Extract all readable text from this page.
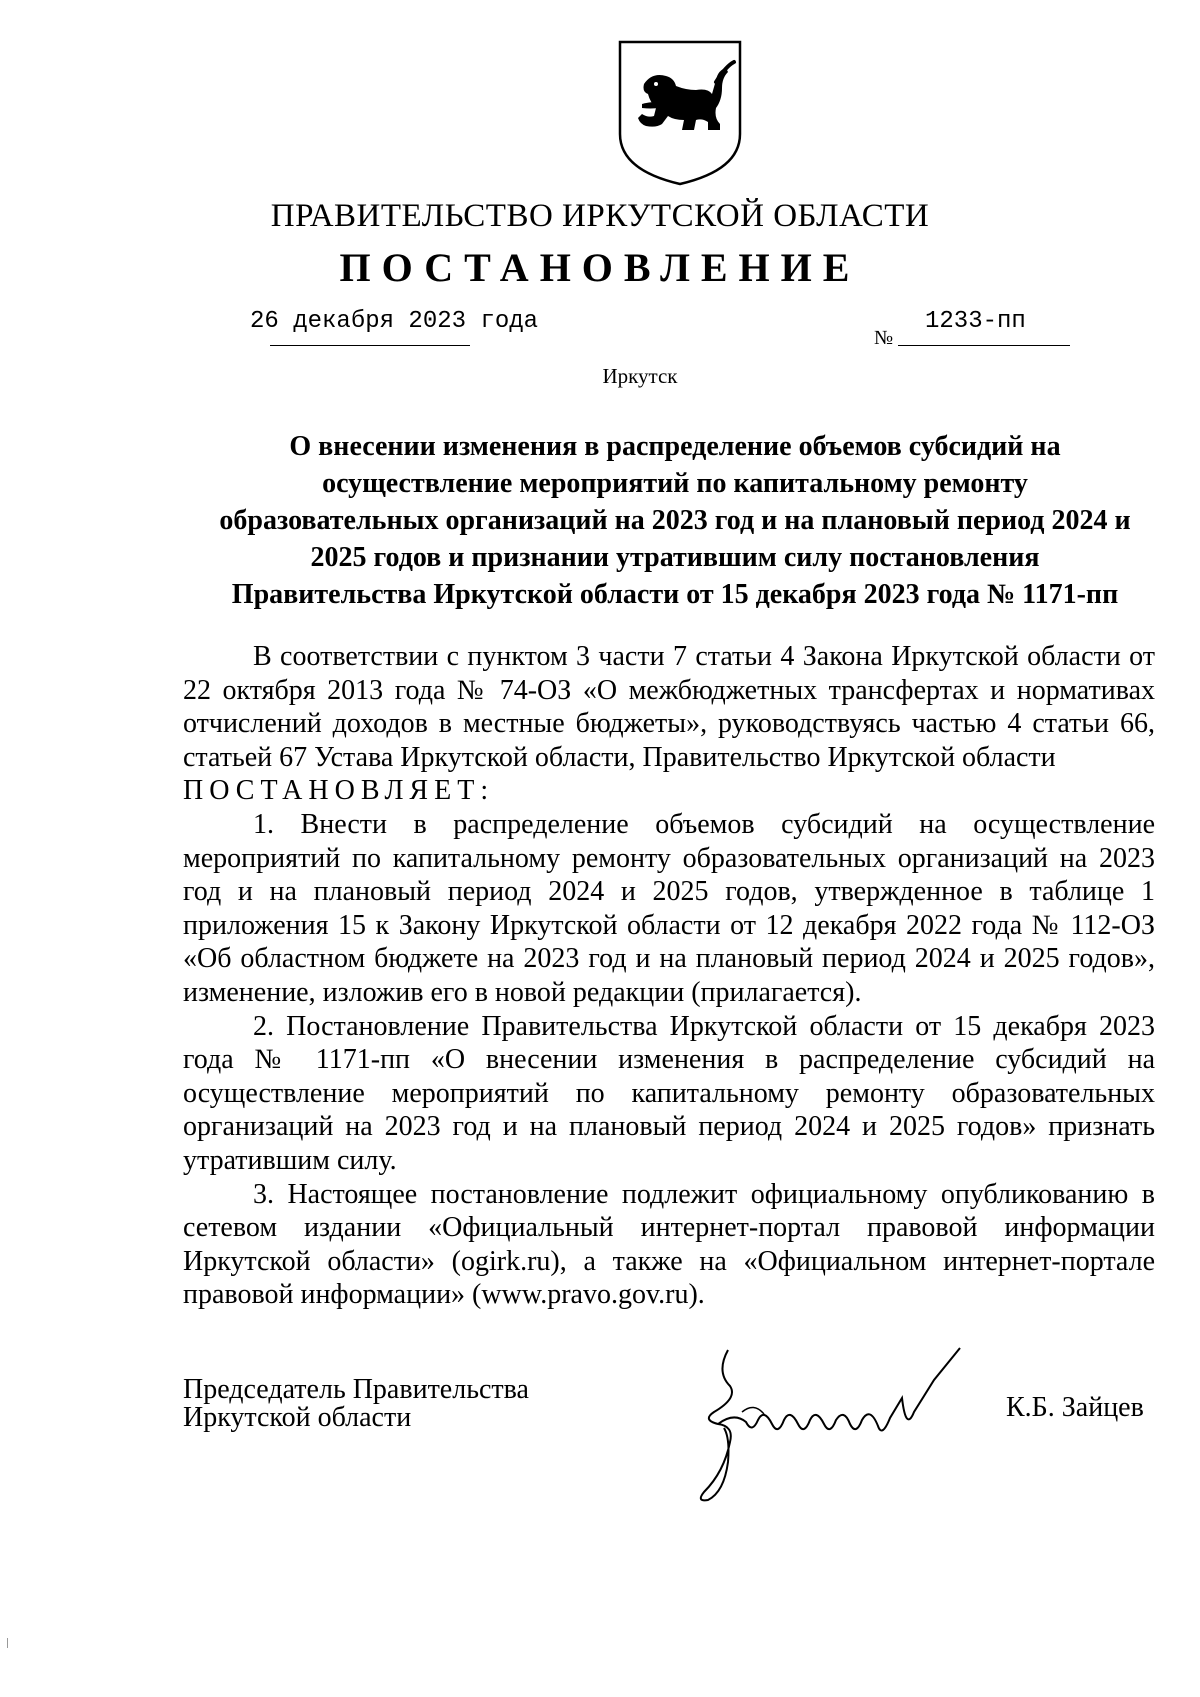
ПРАВИТЕЛЬСТВО ИРКУТСКОЙ ОБЛАСТИ
ПОСТАНОВЛЕНИЕ
26 декабря 2023 года
№
1233-пп
Иркутск
О внесении изменения в распределение объемов субсидий на
осуществление мероприятий по капитальному ремонту
образовательных организаций на 2023 год и на плановый период 2024 и
2025 годов и признании утратившим силу постановления
Правительства Иркутской области от 15 декабря 2023 года № 1171-пп

В соответствии с пунктом 3 части 7 статьи 4 Закона Иркутской области от 22 октября 2013 года № 74-ОЗ «О межбюджетных трансфертах и нормативах отчислений доходов в местные бюджеты», руководствуясь частью 4 статьи 66, статьей 67 Устава Иркутской области, Правительство Иркутской области

ПОСТАНОВЛЯЕТ:

1. Внести в распределение объемов субсидий на осуществление мероприятий по капитальному ремонту образовательных организаций на 2023 год и на плановый период 2024 и 2025 годов, утвержденное в таблице 1 приложения 15 к Закону Иркутской области от 12 декабря 2022 года № 112-ОЗ «Об областном бюджете на 2023 год и на плановый период 2024 и 2025 годов», изменение, изложив его в новой редакции (прилагается).

2. Постановление Правительства Иркутской области от 15 декабря 2023 года № 1171-пп «О внесении изменения в распределение субсидий на осуществление мероприятий по капитальному ремонту образовательных организаций на 2023 год и на плановый период 2024 и 2025 годов» признать утратившим силу.

3. Настоящее постановление подлежит официальному опубликованию в сетевом издании «Официальный интернет-портал правовой информации Иркутской области» (ogirk.ru), а также на «Официальном интернет-портале правовой информации» (www.pravo.gov.ru).

Председатель Правительства
Иркутской области	К.Б. Зайцев
